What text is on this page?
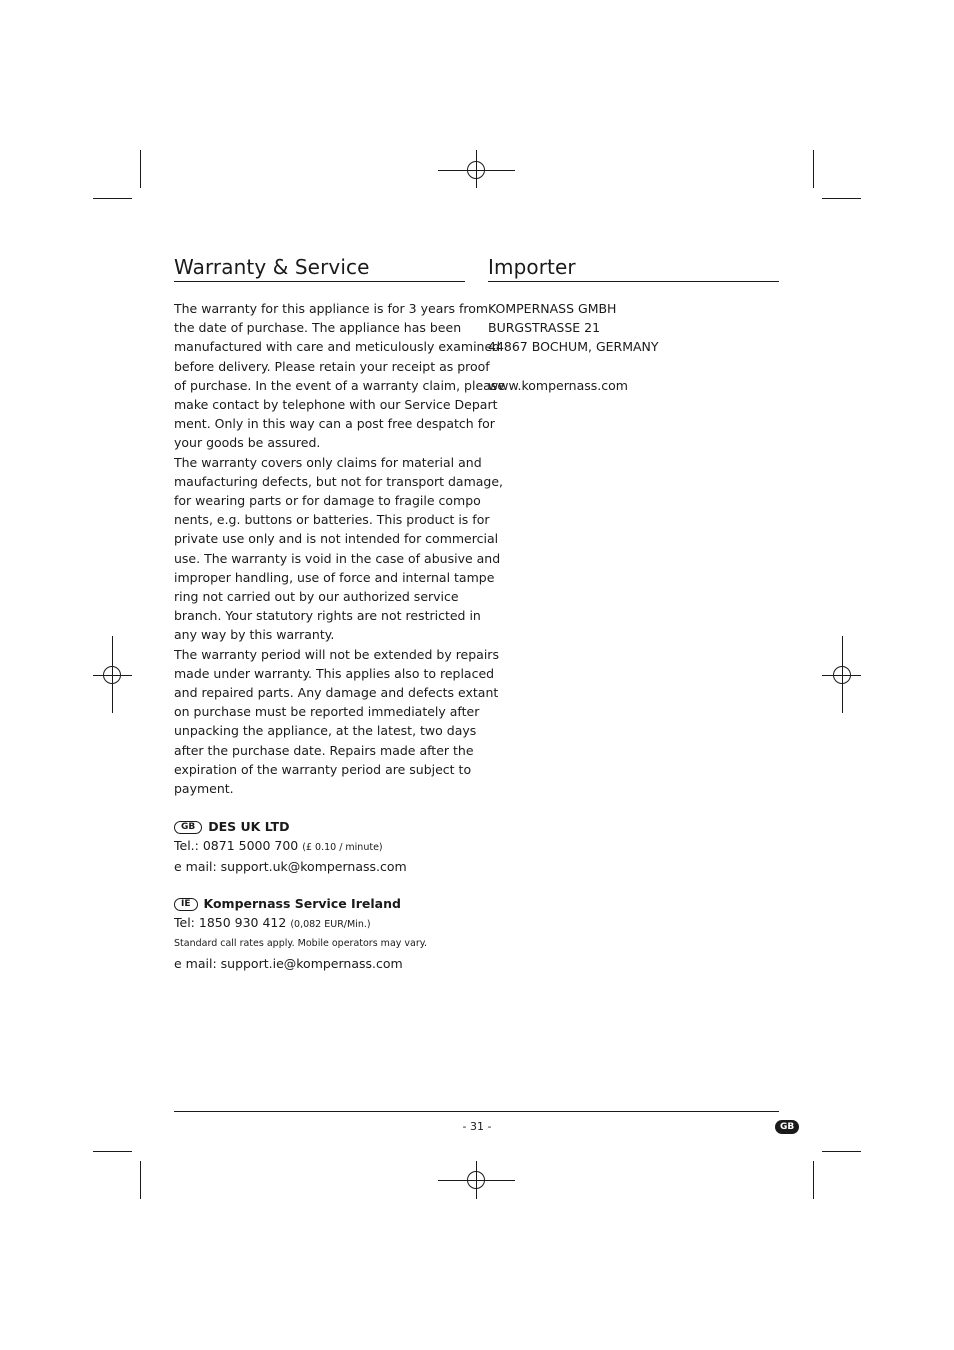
Warranty & Service
The warranty for this appliance is for 3 years from
the date of purchase. The appliance has been
manufactured with care and meticulously examined
before delivery. Please retain your receipt as proof
of purchase. In the event of a warranty claim, please
make contact by telephone with our Service Depart
ment. Only in this way can a post free despatch for
your goods be assured.
The warranty covers only claims for material and
maufacturing defects, but not for transport damage,
for wearing parts or for damage to fragile compo
nents, e.g. buttons or batteries. This product is for
private use only and is not intended for commercial
use. The warranty is void in the case of abusive and
improper handling, use of force and internal tampe
ring not carried out by our authorized service
branch. Your statutory rights are not restricted in
any way by this warranty.
The warranty period will not be extended by repairs
made under warranty. This applies also to replaced
and repaired parts. Any damage and defects extant
on purchase must be reported immediately after
unpacking the appliance, at the latest, two days
after the purchase date. Repairs made after the
expiration of the warranty period are subject to
payment.
GB DES UK LTD
Tel.: 0871 5000 700 (£ 0.10 / minute)
e mail: support.uk@kompernass.com
IE Kompernass Service Ireland
Tel: 1850 930 412 (0,082 EUR/Min.)
Standard call rates apply. Mobile operators may vary.
e mail: support.ie@kompernass.com
Importer
KOMPERNASS GMBH
BURGSTRASSE 21
44867 BOCHUM, GERMANY
www.kompernass.com
- 31 -	GB
